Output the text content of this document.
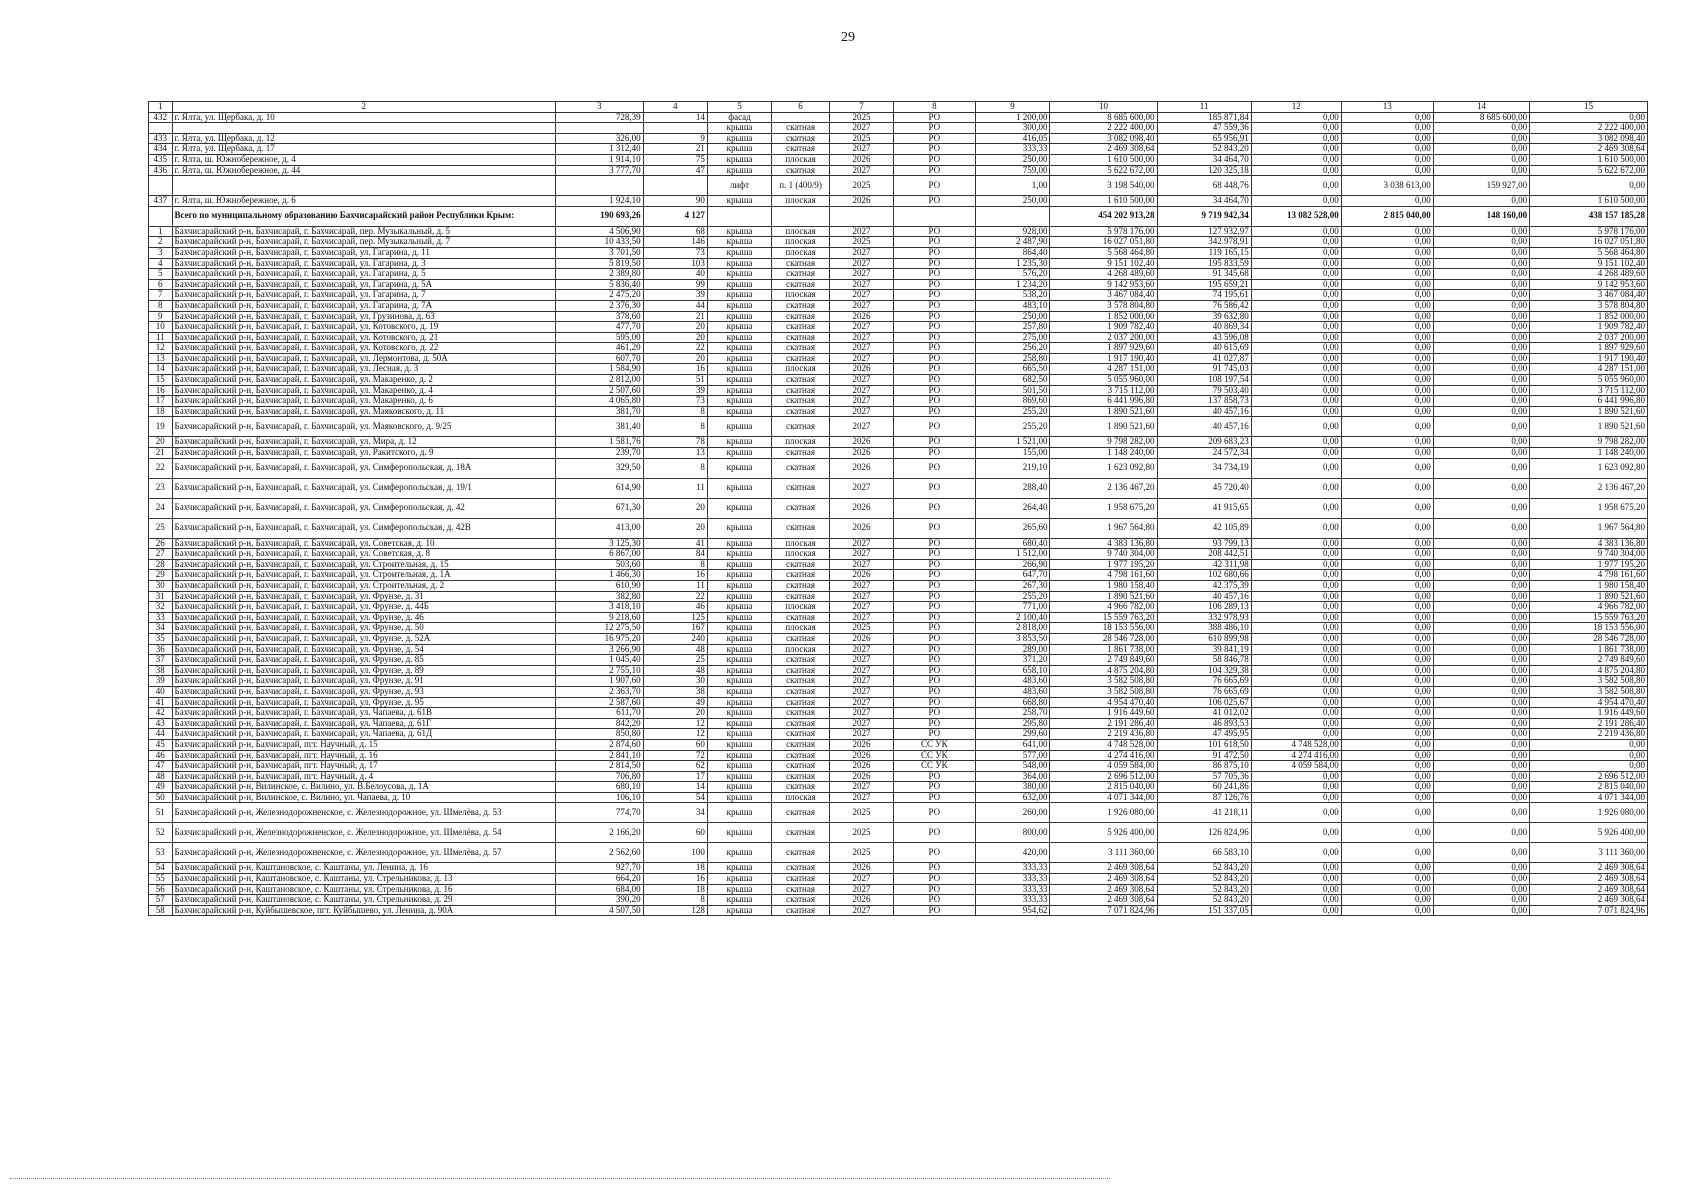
29
1	2	3	4	5	6	7	8	9	10	11	12	13	14	15
432	г. Ялта, ул. Щербака, д. 10	728,39	14	фасад		2025	РО	1 200,00	8 685 600,00	185 871,84	0,00	0,00	8 685 600,00	0,00
				крыша	скатная	2027	РО	300,00	2 222 400,00	47 559,36	0,00	0,00	0,00	2 222 400,00
433	г. Ялта, ул. Щербака, д. 12	326,00	9	крыша	скатная	2025	РО	416,05	3 082 098,40	65 956,91	0,00	0,00	0,00	3 082 098,40
434	г. Ялта, ул. Щербака, д. 17	1 312,40	21	крыша	скатная	2027	РО	333,33	2 469 308,64	52 843,20	0,00	0,00	0,00	2 469 308,64
435	г. Ялта, ш. Южнобережное, д. 4	1 914,10	75	крыша	плоская	2026	РО	250,00	1 610 500,00	34 464,70	0,00	0,00	0,00	1 610 500,00
436	г. Ялта, ш. Южнобережное, д. 44	3 777,70	47	крыша	скатная	2027	РО	759,00	5 622 672,00	120 325,18	0,00	0,00	0,00	5 622 672,00
				лифт	п. 1 (400/9)	2025	РО	1,00	3 198 540,00	68 448,76	0,00	3 038 613,00	159 927,00	0,00
437	г. Ялта, ш. Южнобережное, д. 6	1 924,10	90	крыша	плоская	2026	РО	250,00	1 610 500,00	34 464,70	0,00	0,00	0,00	1 610 500,00
	Всего по муниципальному образованию Бахчисарайский район Республики Крым:	190 693,26	4 127						454 202 913,28	9 719 942,34	13 082 528,00	2 815 040,00	148 160,00	438 157 185,28
1	Бахчисарайский р-н, Бахчисарай, г. Бахчисарай, пер. Музыкальный, д. 5	4 506,90	68	крыша	плоская	2027	РО	928,00	5 978 176,00	127 932,97	0,00	0,00	0,00	5 978 176,00
2	Бахчисарайский р-н, Бахчисарай, г. Бахчисарай, пер. Музыкальный, д. 7	10 433,50	146	крыша	плоская	2025	РО	2 487,90	16 027 051,80	342 978,91	0,00	0,00	0,00	16 027 051,80
3	Бахчисарайский р-н, Бахчисарай, г. Бахчисарай, ул. Гагарина, д. 11	3 701,50	73	крыша	плоская	2027	РО	864,40	5 568 464,80	119 165,15	0,00	0,00	0,00	5 568 464,80
4	Бахчисарайский р-н, Бахчисарай, г. Бахчисарай, ул. Гагарина, д. 3	5 819,50	103	крыша	скатная	2027	РО	1 235,30	9 151 102,40	195 833,59	0,00	0,00	0,00	9 151 102,40
5	Бахчисарайский р-н, Бахчисарай, г. Бахчисарай, ул. Гагарина, д. 5	2 389,80	40	крыша	скатная	2027	РО	576,20	4 268 489,60	91 345,68	0,00	0,00	0,00	4 268 489,60
6	Бахчисарайский р-н, Бахчисарай, г. Бахчисарай, ул. Гагарина, д. 5А	5 836,40	99	крыша	скатная	2027	РО	1 234,20	9 142 953,60	195 659,21	0,00	0,00	0,00	9 142 953,60
7	Бахчисарайский р-н, Бахчисарай, г. Бахчисарай, ул. Гагарина, д. 7	2 475,20	39	крыша	плоская	2027	РО	538,20	3 467 084,40	74 195,61	0,00	0,00	0,00	3 467 084,40
8	Бахчисарайский р-н, Бахчисарай, г. Бахчисарай, ул. Гагарина, д. 7А	2 376,30	44	крыша	скатная	2027	РО	483,10	3 578 804,80	76 586,42	0,00	0,00	0,00	3 578 804,80
9	Бахчисарайский р-н, Бахчисарай, г. Бахчисарай, ул. Грузинова, д. 63	378,60	21	крыша	скатная	2026	РО	250,00	1 852 000,00	39 632,80	0,00	0,00	0,00	1 852 000,00
10	Бахчисарайский р-н, Бахчисарай, г. Бахчисарай, ул. Котовского, д. 19	477,70	20	крыша	скатная	2027	РО	257,80	1 909 782,40	40 869,34	0,00	0,00	0,00	1 909 782,40
11	Бахчисарайский р-н, Бахчисарай, г. Бахчисарай, ул. Котовского, д. 21	595,00	20	крыша	скатная	2027	РО	275,00	2 037 200,00	43 596,08	0,00	0,00	0,00	2 037 200,00
12	Бахчисарайский р-н, Бахчисарай, г. Бахчисарай, ул. Котовского, д. 22	461,20	22	крыша	скатная	2027	РО	256,20	1 897 929,60	40 615,69	0,00	0,00	0,00	1 897 929,60
13	Бахчисарайский р-н, Бахчисарай, г. Бахчисарай, ул. Лермонтова, д. 50А	607,70	20	крыша	скатная	2027	РО	258,80	1 917 190,40	41 027,87	0,00	0,00	0,00	1 917 190,40
14	Бахчисарайский р-н, Бахчисарай, г. Бахчисарай, ул. Лесная, д. 3	1 584,90	16	крыша	плоская	2026	РО	665,50	4 287 151,00	91 745,03	0,00	0,00	0,00	4 287 151,00
15	Бахчисарайский р-н, Бахчисарай, г. Бахчисарай, ул. Макаренко, д. 2	2 812,00	51	крыша	скатная	2027	РО	682,50	5 055 960,00	108 197,54	0,00	0,00	0,00	5 055 960,00
16	Бахчисарайский р-н, Бахчисарай, г. Бахчисарай, ул. Макаренко, д. 4	2 507,60	39	крыша	скатная	2027	РО	501,50	3 715 112,00	79 503,40	0,00	0,00	0,00	3 715 112,00
17	Бахчисарайский р-н, Бахчисарай, г. Бахчисарай, ул. Макаренко, д. 6	4 065,80	73	крыша	скатная	2027	РО	869,60	6 441 996,80	137 858,73	0,00	0,00	0,00	6 441 996,80
18	Бахчисарайский р-н, Бахчисарай, г. Бахчисарай, ул. Маяковского, д. 11	381,70	8	крыша	скатная	2027	РО	255,20	1 890 521,60	40 457,16	0,00	0,00	0,00	1 890 521,60
19	Бахчисарайский р-н, Бахчисарай, г. Бахчисарай, ул. Маяковского, д. 9/25	381,40	8	крыша	скатная	2027	РО	255,20	1 890 521,60	40 457,16	0,00	0,00	0,00	1 890 521,60
20	Бахчисарайский р-н, Бахчисарай, г. Бахчисарай, ул. Мира, д. 12	1 581,76	78	крыша	плоская	2026	РО	1 521,00	9 798 282,00	209 683,23	0,00	0,00	0,00	9 798 282,00
21	Бахчисарайский р-н, Бахчисарай, г. Бахчисарай, ул. Ракитского, д. 9	239,70	13	крыша	скатная	2026	РО	155,00	1 148 240,00	24 572,34	0,00	0,00	0,00	1 148 240,00
22	Бахчисарайский р-н, Бахчисарай, г. Бахчисарай, ул. Симферопольская, д. 18А	329,50	8	крыша	скатная	2026	РО	219,10	1 623 092,80	34 734,19	0,00	0,00	0,00	1 623 092,80
23	Бахчисарайский р-н, Бахчисарай, г. Бахчисарай, ул. Симферопольская, д. 19/1	614,90	11	крыша	скатная	2027	РО	288,40	2 136 467,20	45 720,40	0,00	0,00	0,00	2 136 467,20
24	Бахчисарайский р-н, Бахчисарай, г. Бахчисарай, ул. Симферопольская, д. 42	671,30	20	крыша	скатная	2026	РО	264,40	1 958 675,20	41 915,65	0,00	0,00	0,00	1 958 675,20
25	Бахчисарайский р-н, Бахчисарай, г. Бахчисарай, ул. Симферопольская, д. 42В	413,00	20	крыша	скатная	2026	РО	265,60	1 967 564,80	42 105,89	0,00	0,00	0,00	1 967 564,80
26	Бахчисарайский р-н, Бахчисарай, г. Бахчисарай, ул. Советская, д. 10	3 125,30	41	крыша	плоская	2027	РО	680,40	4 383 136,80	93 799,13	0,00	0,00	0,00	4 383 136,80
27	Бахчисарайский р-н, Бахчисарай, г. Бахчисарай, ул. Советская, д. 8	6 867,00	84	крыша	плоская	2027	РО	1 512,00	9 740 304,00	208 442,51	0,00	0,00	0,00	9 740 304,00
28	Бахчисарайский р-н, Бахчисарай, г. Бахчисарай, ул. Строительная, д. 15	503,60	8	крыша	скатная	2027	РО	266,90	1 977 195,20	42 311,98	0,00	0,00	0,00	1 977 195,20
29	Бахчисарайский р-н, Бахчисарай, г. Бахчисарай, ул. Строительная, д. 1А	1 466,30	16	крыша	скатная	2026	РО	647,70	4 798 161,60	102 680,66	0,00	0,00	0,00	4 798 161,60
30	Бахчисарайский р-н, Бахчисарай, г. Бахчисарай, ул. Строительная, д. 2	610,90	11	крыша	скатная	2027	РО	267,30	1 980 158,40	42 375,39	0,00	0,00	0,00	1 980 158,40
31	Бахчисарайский р-н, Бахчисарай, г. Бахчисарай, ул. Фрунзе, д. 31	382,80	22	крыша	скатная	2027	РО	255,20	1 890 521,60	40 457,16	0,00	0,00	0,00	1 890 521,60
32	Бахчисарайский р-н, Бахчисарай, г. Бахчисарай, ул. Фрунзе, д. 44Б	3 418,10	46	крыша	плоская	2027	РО	771,00	4 966 782,00	106 289,13	0,00	0,00	0,00	4 966 782,00
33	Бахчисарайский р-н, Бахчисарай, г. Бахчисарай, ул. Фрунзе, д. 46	9 218,60	125	крыша	скатная	2027	РО	2 100,40	15 559 763,20	332 978,93	0,00	0,00	0,00	15 559 763,20
34	Бахчисарайский р-н, Бахчисарай, г. Бахчисарай, ул. Фрунзе, д. 50	12 275,50	167	крыша	плоская	2025	РО	2 818,00	18 153 556,00	388 486,10	0,00	0,00	0,00	18 153 556,00
35	Бахчисарайский р-н, Бахчисарай, г. Бахчисарай, ул. Фрунзе, д. 52А	16 975,20	240	крыша	скатная	2026	РО	3 853,50	28 546 728,00	610 899,98	0,00	0,00	0,00	28 546 728,00
36	Бахчисарайский р-н, Бахчисарай, г. Бахчисарай, ул. Фрунзе, д. 54	3 266,90	48	крыша	плоская	2027	РО	289,00	1 861 738,00	39 841,19	0,00	0,00	0,00	1 861 738,00
37	Бахчисарайский р-н, Бахчисарай, г. Бахчисарай, ул. Фрунзе, д. 85	1 045,40	25	крыша	скатная	2027	РО	371,20	2 749 849,60	58 846,78	0,00	0,00	0,00	2 749 849,60
38	Бахчисарайский р-н, Бахчисарай, г. Бахчисарай, ул. Фрунзе, д. 89	2 755,10	48	крыша	скатная	2027	РО	658,10	4 875 204,80	104 329,38	0,00	0,00	0,00	4 875 204,80
39	Бахчисарайский р-н, Бахчисарай, г. Бахчисарай, ул. Фрунзе, д. 91	1 907,60	30	крыша	скатная	2027	РО	483,60	3 582 508,80	76 665,69	0,00	0,00	0,00	3 582 508,80
40	Бахчисарайский р-н, Бахчисарай, г. Бахчисарай, ул. Фрунзе, д. 93	2 363,70	38	крыша	скатная	2027	РО	483,60	3 582 508,80	76 665,69	0,00	0,00	0,00	3 582 508,80
41	Бахчисарайский р-н, Бахчисарай, г. Бахчисарай, ул. Фрунзе, д. 95	2 587,60	49	крыша	скатная	2027	РО	668,80	4 954 470,40	106 025,67	0,00	0,00	0,00	4 954 470,40
42	Бахчисарайский р-н, Бахчисарай, г. Бахчисарай, ул. Чапаева, д. 61В	611,70	20	крыша	скатная	2027	РО	258,70	1 916 449,60	41 012,02	0,00	0,00	0,00	1 916 449,60
43	Бахчисарайский р-н, Бахчисарай, г. Бахчисарай, ул. Чапаева, д. 61Г	842,20	12	крыша	скатная	2027	РО	295,80	2 191 286,40	46 893,53	0,00	0,00	0,00	2 191 286,40
44	Бахчисарайский р-н, Бахчисарай, г. Бахчисарай, ул. Чапаева, д. 61Д	850,80	12	крыша	скатная	2027	РО	299,60	2 219 436,80	47 495,95	0,00	0,00	0,00	2 219 436,80
45	Бахчисарайский р-н, Бахчисарай, пгт. Научный, д. 15	2 874,60	60	крыша	скатная	2026	СС УК	641,00	4 748 528,00	101 618,50	4 748 528,00	0,00	0,00	0,00
46	Бахчисарайский р-н, Бахчисарай, пгт. Научный, д. 16	2 841,10	72	крыша	скатная	2026	СС УК	577,00	4 274 416,00	91 472,50	4 274 416,00	0,00	0,00	0,00
47	Бахчисарайский р-н, Бахчисарай, пгт. Научный, д. 17	2 814,50	62	крыша	скатная	2026	СС УК	548,00	4 059 584,00	86 875,10	4 059 584,00	0,00	0,00	0,00
48	Бахчисарайский р-н, Бахчисарай, пгт. Научный, д. 4	706,80	17	крыша	скатная	2026	РО	364,00	2 696 512,00	57 705,36	0,00	0,00	0,00	2 696 512,00
49	Бахчисарайский р-н, Вилинское, с. Вилино, ул. В.Белоусова, д. 1А	680,10	14	крыша	скатная	2027	РО	380,00	2 815 040,00	60 241,86	0,00	0,00	0,00	2 815 040,00
50	Бахчисарайский р-н, Вилинское, с. Вилино, ул. Чапаева, д. 10	106,10	54	крыша	плоская	2027	РО	632,00	4 071 344,00	87 126,76	0,00	0,00	0,00	4 071 344,00
51	Бахчисарайский р-н, Железнодорожненское, с. Железнодорожное, ул. Шмелёва, д. 53	774,70	34	крыша	скатная	2025	РО	260,00	1 926 080,00	41 218,11	0,00	0,00	0,00	1 926 080,00
52	Бахчисарайский р-н, Железнодорожненское, с. Железнодорожное, ул. Шмелёва, д. 54	2 166,20	60	крыша	скатная	2025	РО	800,00	5 926 400,00	126 824,96	0,00	0,00	0,00	5 926 400,00
53	Бахчисарайский р-н, Железнодорожненское, с. Железнодорожное, ул. Шмелёва, д. 57	2 562,60	100	крыша	скатная	2025	РО	420,00	3 111 360,00	66 583,10	0,00	0,00	0,00	3 111 360,00
54	Бахчисарайский р-н, Каштановское, с. Каштаны, ул. Ленина, д. 16	927,70	18	крыша	скатная	2026	РО	333,33	2 469 308,64	52 843,20	0,00	0,00	0,00	2 469 308,64
55	Бахчисарайский р-н, Каштановское, с. Каштаны, ул. Стрельникова, д. 13	664,20	16	крыша	скатная	2027	РО	333,33	2 469 308,64	52 843,20	0,00	0,00	0,00	2 469 308,64
56	Бахчисарайский р-н, Каштановское, с. Каштаны, ул. Стрельникова, д. 16	684,00	18	крыша	скатная	2027	РО	333,33	2 469 308,64	52 843,20	0,00	0,00	0,00	2 469 308,64
57	Бахчисарайский р-н, Каштановское, с. Каштаны, ул. Стрельникова, д. 29	390,20	8	крыша	скатная	2026	РО	333,33	2 469 308,64	52 843,20	0,00	0,00	0,00	2 469 308,64
58	Бахчисарайский р-н, Куйбышевское, пгт. Куйбышево, ул. Ленина, д. 90А	4 507,50	128	крыша	скатная	2027	РО	954,62	7 071 824,96	151 337,05	0,00	0,00	0,00	7 071 824,96
